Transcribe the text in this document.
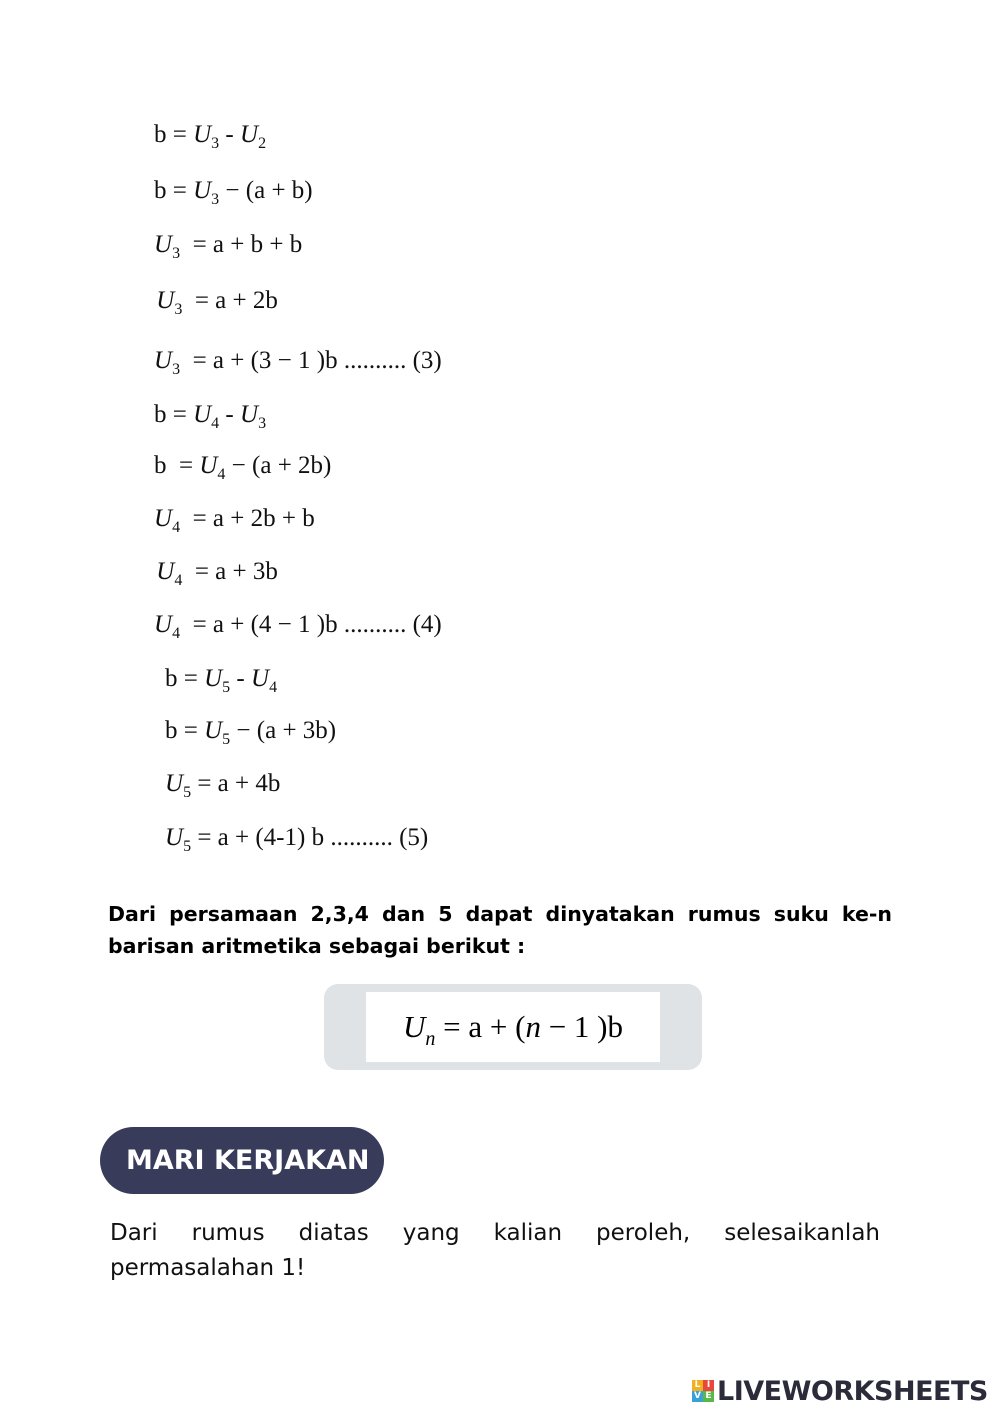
$b = U_3 - U_2$
$b = U_3 - (a + b)$
$U_3 = a + b + b$
$U_3 = a + 2b$
$U_3 = a + (3 - 1$ )b .......... (3)
$b = U_4 - U_3$
$b = U_4 - (a + 2b)$
$U_4 = a + 2b + b$
$U_4 = a + 3b$
$U_4 = a + (4 - 1$ )b .......... (4)
$b = U_5 - U_4$
$b = U_5 - (a + 3b)$
$U_5 = a + 4b$
$U_5 = a + (4-1)$ b .......... (5)
Dari persamaan 2,3,4 dan 5 dapat dinyatakan rumus suku ke-n barisan aritmetika sebagai berikut :
$U_n = a + (n - 1$ )b
MARI KERJAKAN
Dari rumus diatas yang kalian peroleh, selesaikanlah permasalahan 1!
L I
V E LIVEWORKSHEETS
